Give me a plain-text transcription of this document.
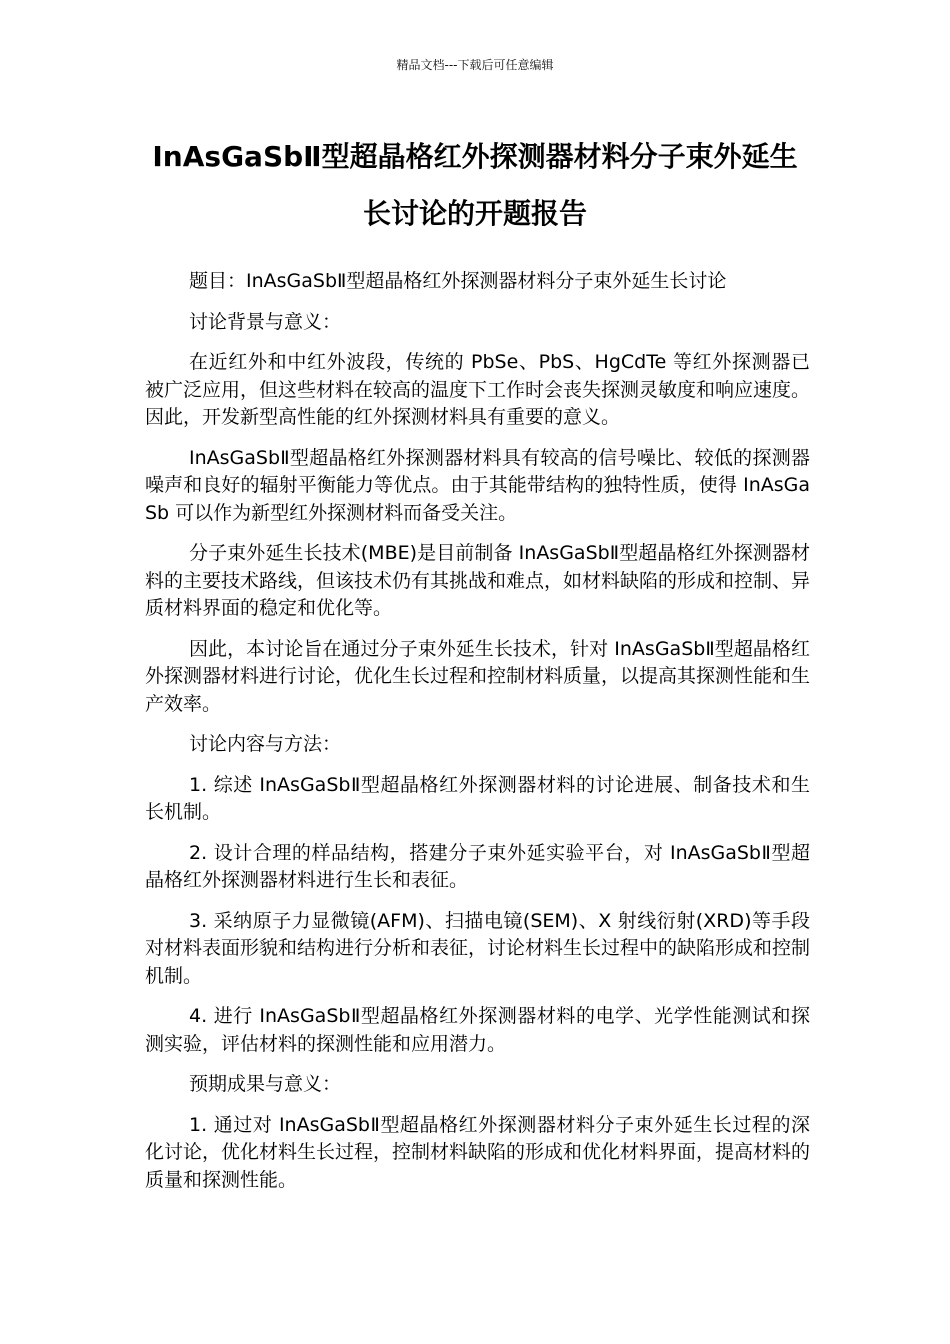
精品文档---下载后可任意编辑
InAsGaSbⅡ型超晶格红外探测器材料分子束外延生
长讨论的开题报告

题目：InAsGaSbⅡ型超晶格红外探测器材料分子束外延生长讨论

讨论背景与意义：

在近红外和中红外波段，传统的 PbSe、PbS、HgCdTe 等红外探测器已被广泛应用，但这些材料在较高的温度下工作时会丧失探测灵敏度和响应速度。因此，开发新型高性能的红外探测材料具有重要的意义。

InAsGaSbⅡ型超晶格红外探测器材料具有较高的信号噪比、较低的探测器噪声和良好的辐射平衡能力等优点。由于其能带结构的独特性质，使得 InAsGaSb 可以作为新型红外探测材料而备受关注。

分子束外延生长技术(MBE)是目前制备 InAsGaSbⅡ型超晶格红外探测器材料的主要技术路线，但该技术仍有其挑战和难点，如材料缺陷的形成和控制、异质材料界面的稳定和优化等。

因此，本讨论旨在通过分子束外延生长技术，针对 InAsGaSbⅡ型超晶格红外探测器材料进行讨论，优化生长过程和控制材料质量，以提高其探测性能和生产效率。

讨论内容与方法：

1. 综述 InAsGaSbⅡ型超晶格红外探测器材料的讨论进展、制备技术和生长机制。

2. 设计合理的样品结构，搭建分子束外延实验平台，对 InAsGaSbⅡ型超晶格红外探测器材料进行生长和表征。

3. 采纳原子力显微镜(AFM)、扫描电镜(SEM)、X 射线衍射(XRD)等手段对材料表面形貌和结构进行分析和表征，讨论材料生长过程中的缺陷形成和控制机制。

4. 进行 InAsGaSbⅡ型超晶格红外探测器材料的电学、光学性能测试和探测实验，评估材料的探测性能和应用潜力。

预期成果与意义：

1. 通过对 InAsGaSbⅡ型超晶格红外探测器材料分子束外延生长过程的深化讨论，优化材料生长过程，控制材料缺陷的形成和优化材料界面，提高材料的质量和探测性能。
